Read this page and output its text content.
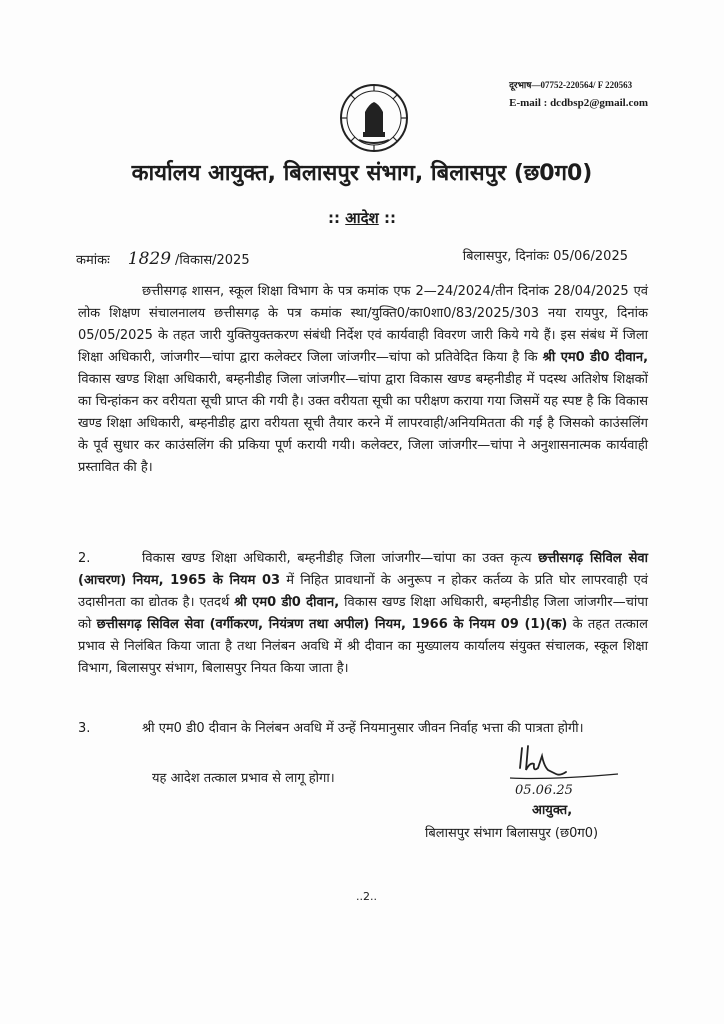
दूरभाष—07752-220564/ F 220563
E-mail : dcdbsp2@gmail.com
कार्यालय आयुक्त, बिलासपुर संभाग, बिलासपुर (छ0ग0)
:: आदेश ::
कमांकः 1829 /विकास/2025	बिलासपुर, दिनांकः 05/06/2025

छत्तीसगढ़ शासन, स्कूल शिक्षा विभाग के पत्र कमांक एफ 2—24/2024/तीन दिनांक 28/04/2025 एवं लोक शिक्षण संचालनालय छत्तीसगढ़ के पत्र कमांक स्था/युक्ति0/का0शा0/83/2025/303 नया रायपुर, दिनांक 05/05/2025 के तहत जारी युक्तियुक्तकरण संबंधी निर्देश एवं कार्यवाही विवरण जारी किये गये हैं। इस संबंध में जिला शिक्षा अधिकारी, जांजगीर—चांपा द्वारा कलेक्टर जिला जांजगीर—चांपा को प्रतिवेदित किया है कि श्री एम0 डी0 दीवान, विकास खण्ड शिक्षा अधिकारी, बम्हनीडीह जिला जांजगीर—चांपा द्वारा विकास खण्ड बम्हनीडीह में पदस्थ अतिशेष शिक्षकों का चिन्हांकन कर वरीयता सूची प्राप्त की गयी है। उक्त वरीयता सूची का परीक्षण कराया गया जिसमें यह स्पष्ट है कि विकास खण्ड शिक्षा अधिकारी, बम्हनीडीह द्वारा वरीयता सूची तैयार करने में लापरवाही/अनियमितता की गई है जिसको काउंसलिंग के पूर्व सुधार कर काउंसलिंग की प्रकिया पूर्ण करायी गयी। कलेक्टर, जिला जांजगीर—चांपा ने अनुशासनात्मक कार्यवाही प्रस्तावित की है।

2.	विकास खण्ड शिक्षा अधिकारी, बम्हनीडीह जिला जांजगीर—चांपा का उक्त कृत्य छत्तीसगढ़ सिविल सेवा (आचरण) नियम, 1965 के नियम 03 में निहित प्रावधानों के अनुरूप न होकर कर्तव्य के प्रति घोर लापरवाही एवं उदासीनता का द्योतक है। एतदर्थ श्री एम0 डी0 दीवान, विकास खण्ड शिक्षा अधिकारी, बम्हनीडीह जिला जांजगीर—चांपा को छत्तीसगढ़ सिविल सेवा (वर्गीकरण, नियंत्रण तथा अपील) नियम, 1966 के नियम 09 (1)(क) के तहत तत्काल प्रभाव से निलंबित किया जाता है तथा निलंबन अवधि में श्री दीवान का मुख्यालय कार्यालय संयुक्त संचालक, स्कूल शिक्षा विभाग, बिलासपुर संभाग, बिलासपुर नियत किया जाता है।

3.	श्री एम0 डी0 दीवान के निलंबन अवधि में उन्हें नियमानुसार जीवन निर्वाह भत्ता की पात्रता होगी।

यह आदेश तत्काल प्रभाव से लागू होगा।

05.06.25
आयुक्त,
बिलासपुर संभाग बिलासपुर (छ0ग0)
..2..
